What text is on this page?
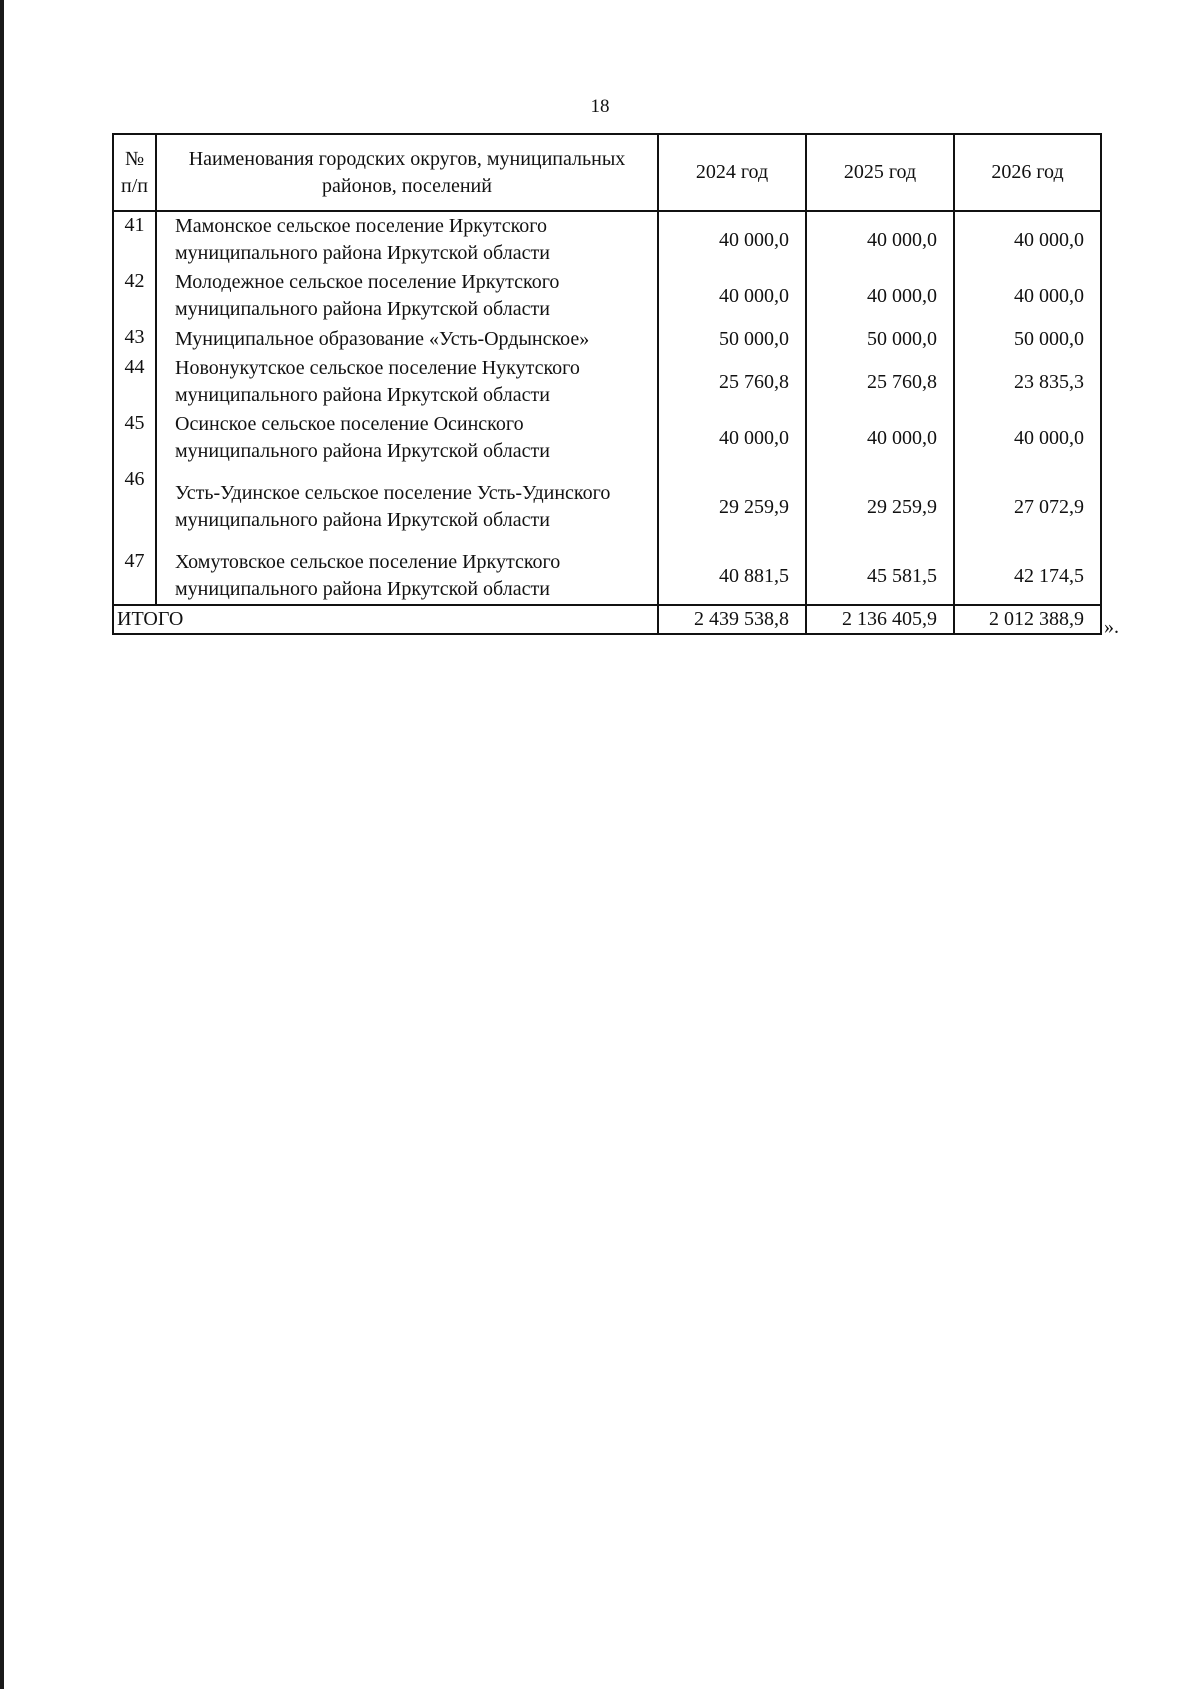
18
№ п/п	Наименования городских округов, муниципальных районов, поселений	2024 год	2025 год	2026 год
41	Мамонское сельское поселение Иркутского муниципального района Иркутской области	40 000,0	40 000,0	40 000,0
42	Молодежное сельское поселение Иркутского муниципального района Иркутской области	40 000,0	40 000,0	40 000,0
43	Муниципальное образование «Усть-Ордынское»	50 000,0	50 000,0	50 000,0
44	Новонукутское сельское поселение Нукутского муниципального района Иркутской области	25 760,8	25 760,8	23 835,3
45	Осинское сельское поселение Осинского муниципального района Иркутской области	40 000,0	40 000,0	40 000,0
46	Усть-Удинское сельское поселение Усть-Удинского муниципального района Иркутской области	29 259,9	29 259,9	27 072,9
47	Хомутовское сельское поселение Иркутского муниципального района Иркутской области	40 881,5	45 581,5	42 174,5
ИТОГО		2 439 538,8	2 136 405,9	2 012 388,9 ».
